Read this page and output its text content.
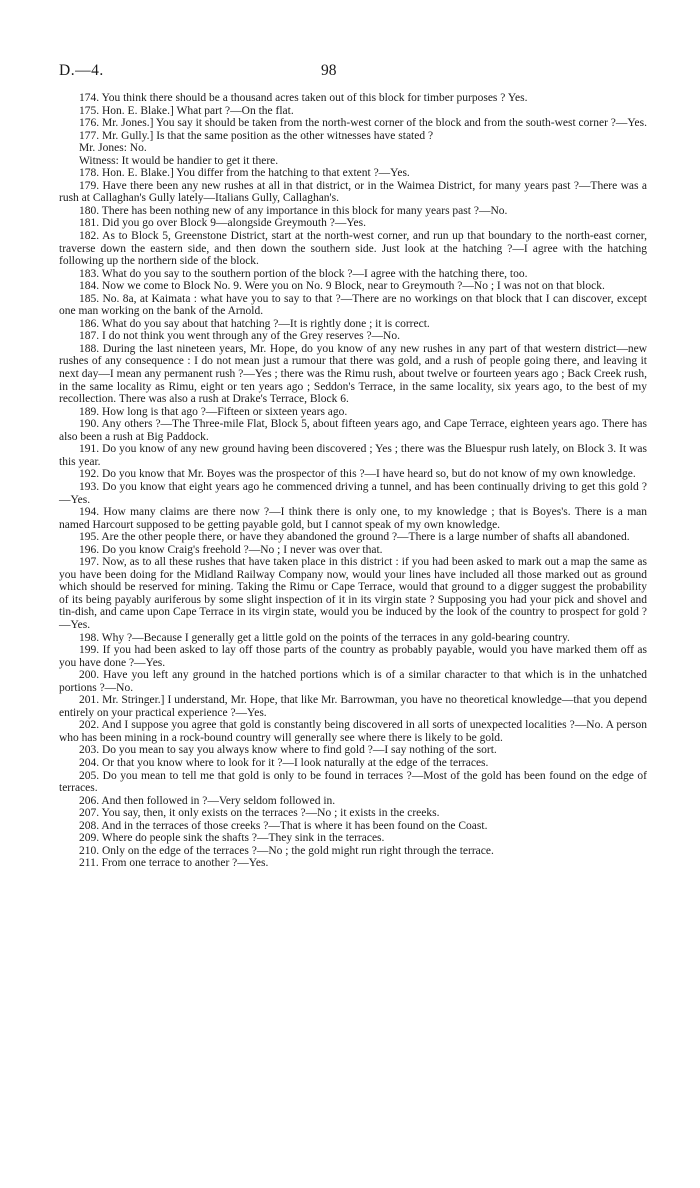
D.—4.	98

174. You think there should be a thousand acres taken out of this block for timber purposes ? Yes.

175. Hon. E. Blake.] What part ?—On the flat.

176. Mr. Jones.] You say it should be taken from the north-west corner of the block and from the south-west corner ?—Yes.

177. Mr. Gully.] Is that the same position as the other witnesses have stated ?

Mr. Jones: No.

Witness: It would be handier to get it there.

178. Hon. E. Blake.] You differ from the hatching to that extent ?—Yes.

179. Have there been any new rushes at all in that district, or in the Waimea District, for many years past ?—There was a rush at Callaghan's Gully lately—Italians Gully, Callaghan's.

180. There has been nothing new of any importance in this block for many years past ?—No.

181. Did you go over Block 9—alongside Greymouth ?—Yes.

182. As to Block 5, Greenstone District, start at the north-west corner, and run up that boundary to the north-east corner, traverse down the eastern side, and then down the southern side. Just look at the hatching ?—I agree with the hatching following up the northern side of the block.

183. What do you say to the southern portion of the block ?—I agree with the hatching there, too.

184. Now we come to Block No. 9. Were you on No. 9 Block, near to Greymouth ?—No ; I was not on that block.

185. No. 8a, at Kaimata : what have you to say to that ?—There are no workings on that block that I can discover, except one man working on the bank of the Arnold.

186. What do you say about that hatching ?—It is rightly done ; it is correct.

187. I do not think you went through any of the Grey reserves ?—No.

188. During the last nineteen years, Mr. Hope, do you know of any new rushes in any part of that western district—new rushes of any consequence : I do not mean just a rumour that there was gold, and a rush of people going there, and leaving it next day—I mean any permanent rush ?—Yes ; there was the Rimu rush, about twelve or fourteen years ago ; Back Creek rush, in the same locality as Rimu, eight or ten years ago ; Seddon's Terrace, in the same locality, six years ago, to the best of my recollection. There was also a rush at Drake's Terrace, Block 6.

189. How long is that ago ?—Fifteen or sixteen years ago.

190. Any others ?—The Three-mile Flat, Block 5, about fifteen years ago, and Cape Terrace, eighteen years ago. There has also been a rush at Big Paddock.

191. Do you know of any new ground having been discovered ; Yes ; there was the Bluespur rush lately, on Block 3. It was this year.

192. Do you know that Mr. Boyes was the prospector of this ?—I have heard so, but do not know of my own knowledge.

193. Do you know that eight years ago he commenced driving a tunnel, and has been continually driving to get this gold ?—Yes.

194. How many claims are there now ?—I think there is only one, to my knowledge ; that is Boyes's. There is a man named Harcourt supposed to be getting payable gold, but I cannot speak of my own knowledge.

195. Are the other people there, or have they abandoned the ground ?—There is a large number of shafts all abandoned.

196. Do you know Craig's freehold ?—No ; I never was over that.

197. Now, as to all these rushes that have taken place in this district : if you had been asked to mark out a map the same as you have been doing for the Midland Railway Company now, would your lines have included all those marked out as ground which should be reserved for mining. Taking the Rimu or Cape Terrace, would that ground to a digger suggest the probability of its being payably auriferous by some slight inspection of it in its virgin state ? Supposing you had your pick and shovel and tin-dish, and came upon Cape Terrace in its virgin state, would you be induced by the look of the country to prospect for gold ?—Yes.

198. Why ?—Because I generally get a little gold on the points of the terraces in any gold-bearing country.

199. If you had been asked to lay off those parts of the country as probably payable, would you have marked them off as you have done ?—Yes.

200. Have you left any ground in the hatched portions which is of a similar character to that which is in the unhatched portions ?—No.

201. Mr. Stringer.] I understand, Mr. Hope, that like Mr. Barrowman, you have no theoretical knowledge—that you depend entirely on your practical experience ?—Yes.

202. And I suppose you agree that gold is constantly being discovered in all sorts of unexpected localities ?—No. A person who has been mining in a rock-bound country will generally see where there is likely to be gold.

203. Do you mean to say you always know where to find gold ?—I say nothing of the sort.

204. Or that you know where to look for it ?—I look naturally at the edge of the terraces.

205. Do you mean to tell me that gold is only to be found in terraces ?—Most of the gold has been found on the edge of terraces.

206. And then followed in ?—Very seldom followed in.

207. You say, then, it only exists on the terraces ?—No ; it exists in the creeks.

208. And in the terraces of those creeks ?—That is where it has been found on the Coast.

209. Where do people sink the shafts ?—They sink in the terraces.

210. Only on the edge of the terraces ?—No ; the gold might run right through the terrace.

211. From one terrace to another ?—Yes.
